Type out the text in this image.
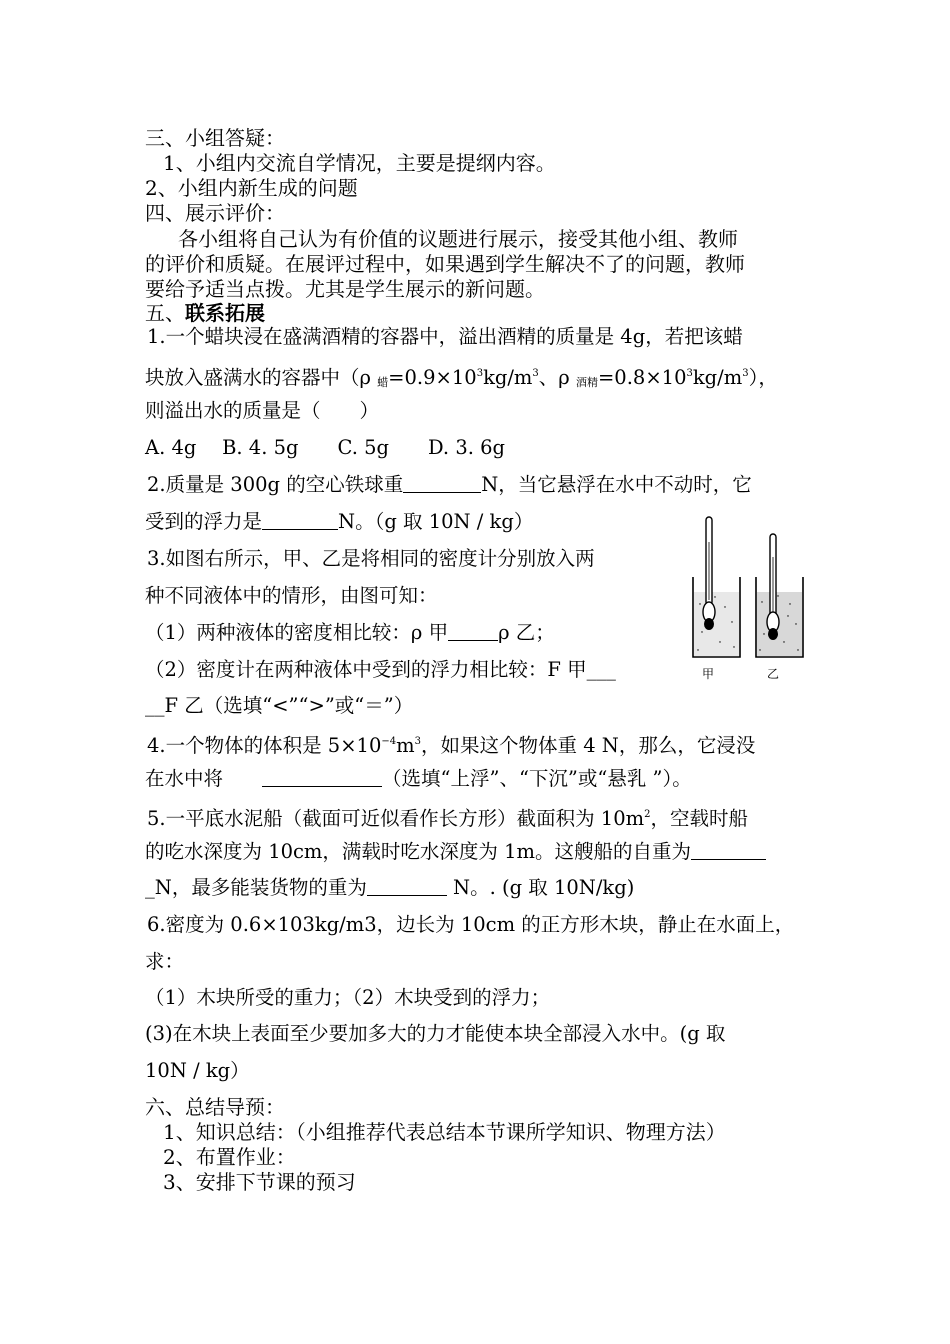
三、小组答疑：
1、小组内交流自学情况，主要是提纲内容。
2、小组内新生成的问题
四、展示评价：
各小组将自己认为有价值的议题进行展示，接受其他小组、教师
的评价和质疑。在展评过程中，如果遇到学生解决不了的问题，教师
要给予适当点拨。尤其是学生展示的新问题。
五、联系拓展
1.一个蜡块浸在盛满酒精的容器中，溢出酒精的质量是 4g，若把该蜡
块放入盛满水的容器中（ρ 蜡$=0.9\times 10^3kg/m^3$、ρ 酒精$=0.8\times 10^3kg/m^3$），
则溢出水的质量是（　　）
A. 4g　 B. 4. 5g　　C. 5g　　D. 3. 6g
2.质量是 300g 的空心铁球重	N，当它悬浮在水中不动时，它
受到的浮力是	N。（g 取 10N / kg）
3.如图右所示，甲、乙是将相同的密度计分别放入两
种不同液体中的情形，由图可知：
（1）两种液体的密度相比较：ρ 甲	ρ 乙；
（2）密度计在两种液体中受到的浮力相比较：F 甲___
__F 乙（选填“<”“>”或“＝”）
甲	乙
4.一个物体的体积是 $5\times 10^{-4}m^3$，如果这个物体重 4 N，那么，它浸没
在水中将　　	（选填“上浮”、“下沉”或“悬乳 ”）。
5.一平底水泥船（截面可近似看作长方形）截面积为 $10m^2$，空载时船
的吃水深度为 10cm，满载时吃水深度为 1m。这艘船的自重为
_N，最多能装货物的重为	N。. (g 取 10N/kg)
6.密度为 0.6×103kg/m3，边长为 10cm 的正方形木块，静止在水面上，
求：
（1）木块所受的重力；（2）木块受到的浮力；
(3)在木块上表面至少要加多大的力才能使本块全部浸入水中。(g 取
10N / kg）
六、总结导预：
1、知识总结：（小组推荐代表总结本节课所学知识、物理方法）
2、布置作业：
3、安排下节课的预习
